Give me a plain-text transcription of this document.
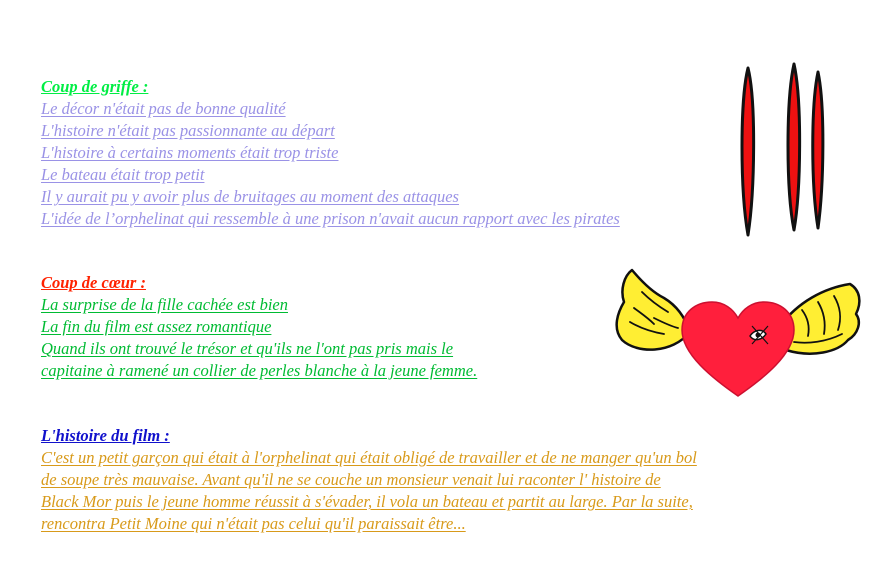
Coup de griffe :
Le décor n'était pas de bonne qualité
L'histoire n'était pas passionnante au départ
L'histoire à certains moments était trop triste
Le bateau était trop petit
Il y aurait pu y avoir plus de bruitages au moment des attaques
L'idée de l’orphelinat qui ressemble à une prison n'avait aucun rapport avec les pirates
Coup de cœur :
La surprise de la fille cachée est bien
La fin du film est assez romantique
Quand ils ont trouvé le trésor et qu'ils ne l'ont pas pris mais le
capitaine à ramené un collier de perles blanche à la jeune femme.
L'histoire du film :
C'est un petit garçon qui était à l'orphelinat qui était obligé de travailler et de ne manger qu'un bol
de soupe très mauvaise. Avant qu'il ne se couche un monsieur venait lui raconter l' histoire de
Black Mor puis le jeune homme réussit à s'évader, il vola un bateau et partit au large. Par la suite,
rencontra Petit Moine qui n'était pas celui qu'il paraissait être...
